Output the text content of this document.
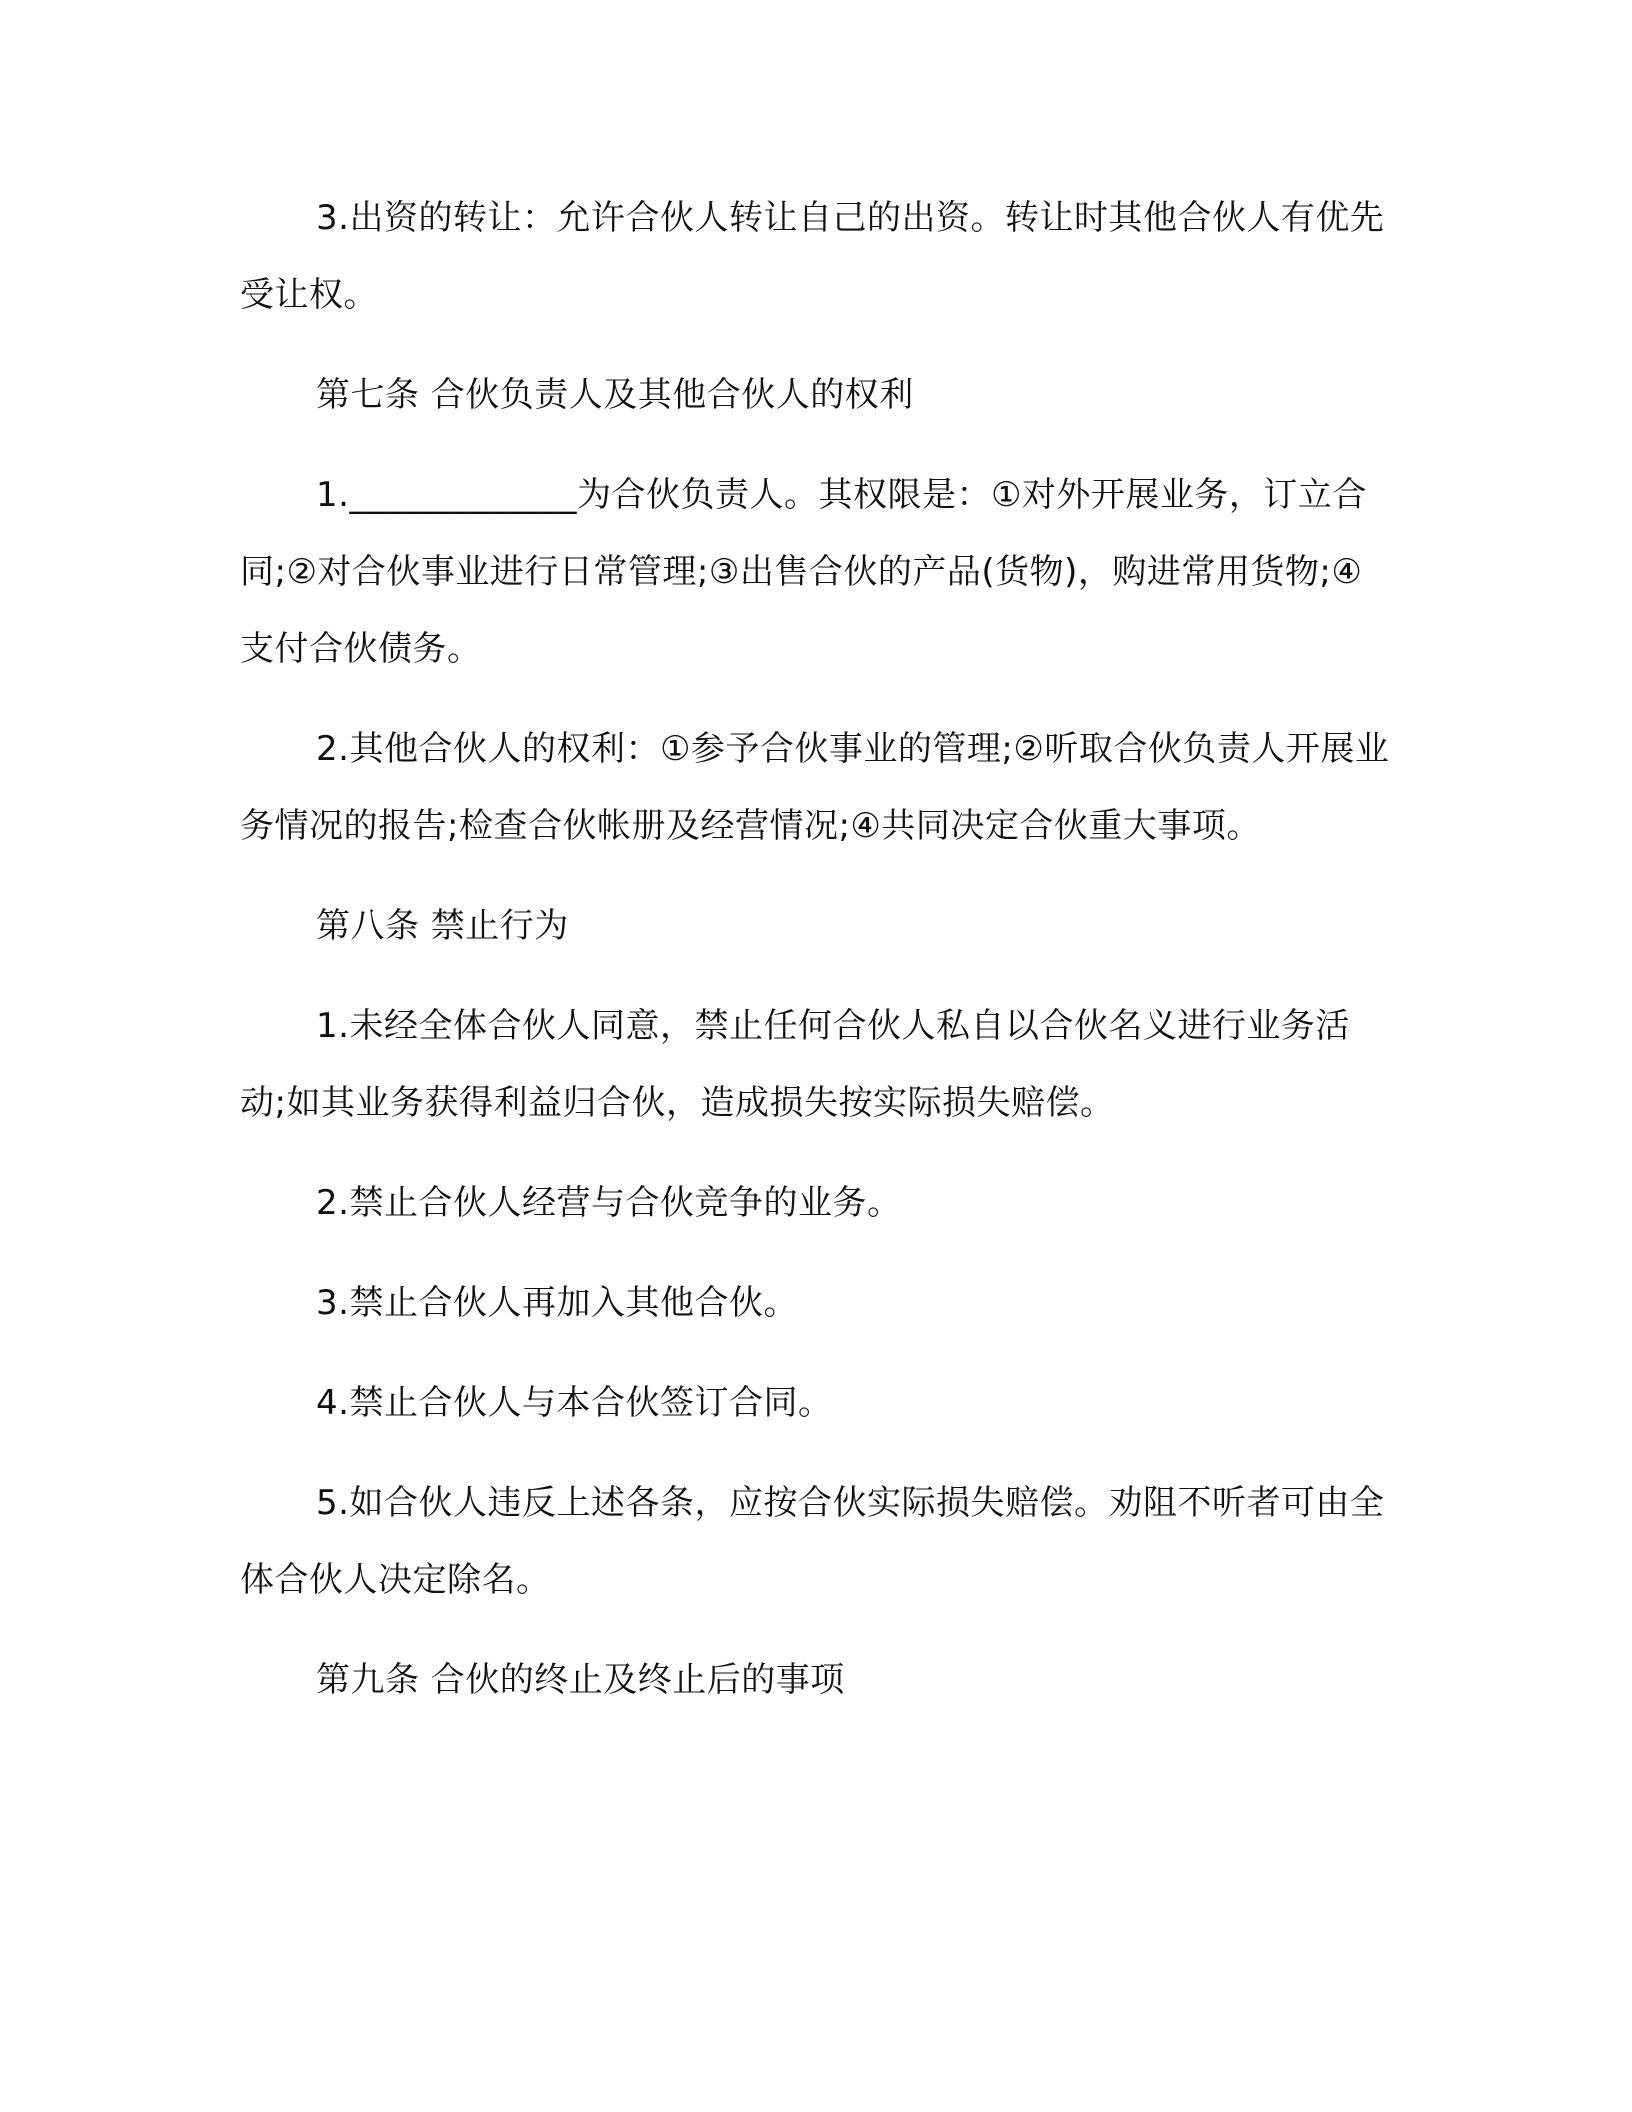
3.出资的转让：允许合伙人转让自己的出资。转让时其他合伙人有优先受让权。

第七条 合伙负责人及其他合伙人的权利

1._____________为合伙负责人。其权限是：①对外开展业务，订立合同;②对合伙事业进行日常管理;③出售合伙的产品(货物)，购进常用货物;④支付合伙债务。

2.其他合伙人的权利：①参予合伙事业的管理;②听取合伙负责人开展业务情况的报告;检查合伙帐册及经营情况;④共同决定合伙重大事项。

第八条 禁止行为

1.未经全体合伙人同意，禁止任何合伙人私自以合伙名义进行业务活动;如其业务获得利益归合伙，造成损失按实际损失赔偿。

2.禁止合伙人经营与合伙竞争的业务。

3.禁止合伙人再加入其他合伙。

4.禁止合伙人与本合伙签订合同。

5.如合伙人违反上述各条，应按合伙实际损失赔偿。劝阻不听者可由全体合伙人决定除名。

第九条 合伙的终止及终止后的事项
